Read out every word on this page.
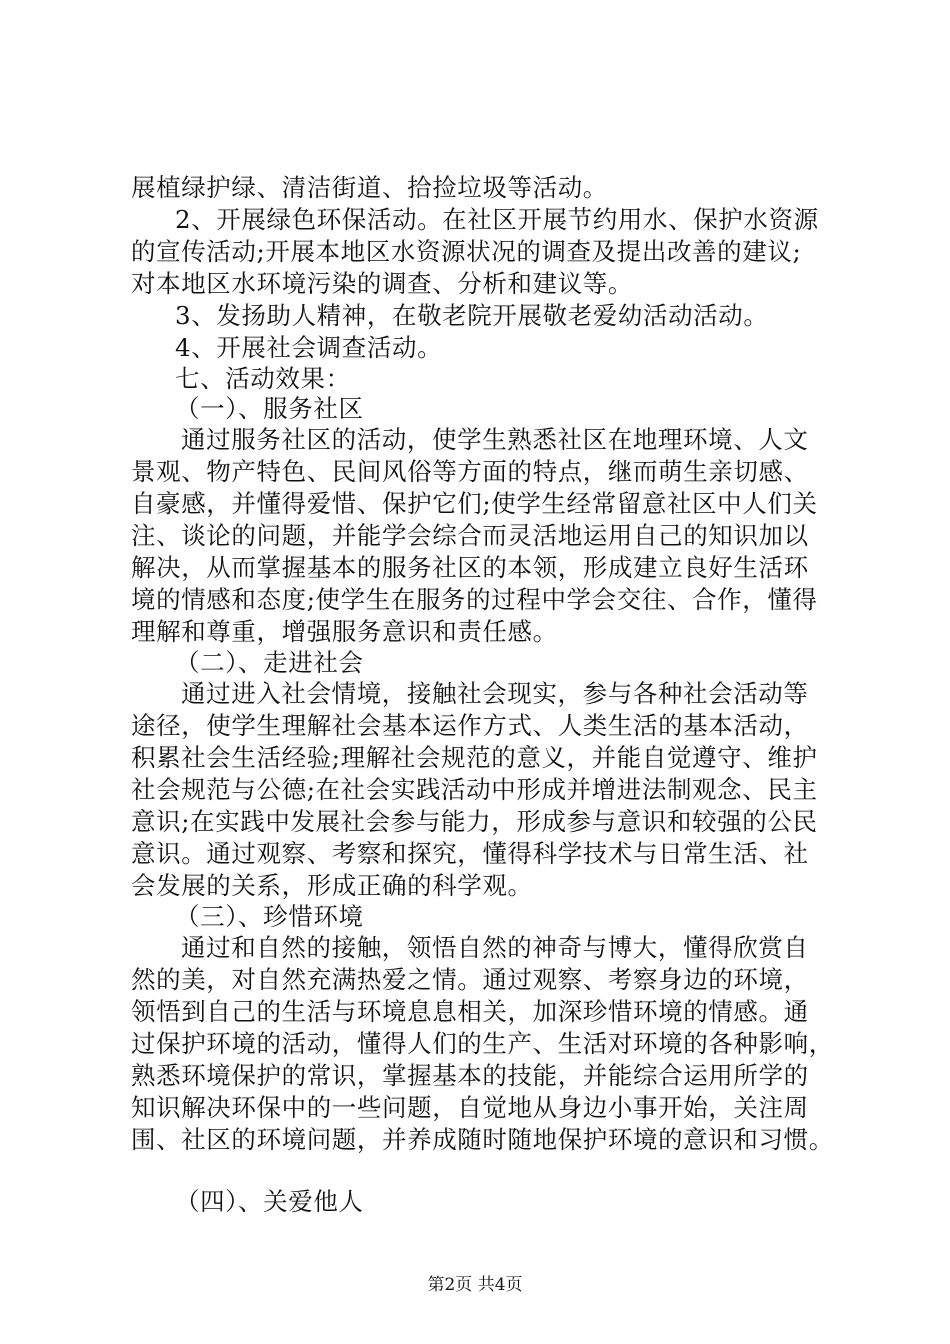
展植绿护绿、清洁街道、拾捡垃圾等活动。
2、开展绿色环保活动。在社区开展节约用水、保护水资源
的宣传活动;开展本地区水资源状况的调查及提出改善的建议;
对本地区水环境污染的调查、分析和建议等。
3、发扬助人精神，在敬老院开展敬老爱幼活动活动。
4、开展社会调查活动。
七、活动效果：
（一）、服务社区
通过服务社区的活动，使学生熟悉社区在地理环境、人文
景观、物产特色、民间风俗等方面的特点，继而萌生亲切感、
自豪感，并懂得爱惜、保护它们;使学生经常留意社区中人们关
注、谈论的问题，并能学会综合而灵活地运用自己的知识加以
解决，从而掌握基本的服务社区的本领，形成建立良好生活环
境的情感和态度;使学生在服务的过程中学会交往、合作，懂得
理解和尊重，增强服务意识和责任感。
（二）、走进社会
通过进入社会情境，接触社会现实，参与各种社会活动等
途径，使学生理解社会基本运作方式、人类生活的基本活动，
积累社会生活经验;理解社会规范的意义，并能自觉遵守、维护
社会规范与公德;在社会实践活动中形成并增进法制观念、民主
意识;在实践中发展社会参与能力，形成参与意识和较强的公民
意识。通过观察、考察和探究，懂得科学技术与日常生活、社
会发展的关系，形成正确的科学观。
（三）、珍惜环境
通过和自然的接触，领悟自然的神奇与博大，懂得欣赏自
然的美，对自然充满热爱之情。通过观察、考察身边的环境，
领悟到自己的生活与环境息息相关，加深珍惜环境的情感。通
过保护环境的活动，懂得人们的生产、生活对环境的各种影响，
熟悉环境保护的常识，掌握基本的技能，并能综合运用所学的
知识解决环保中的一些问题，自觉地从身边小事开始，关注周
围、社区的环境问题，并养成随时随地保护环境的意识和习惯。
（四）、关爱他人
第2页 共4页
